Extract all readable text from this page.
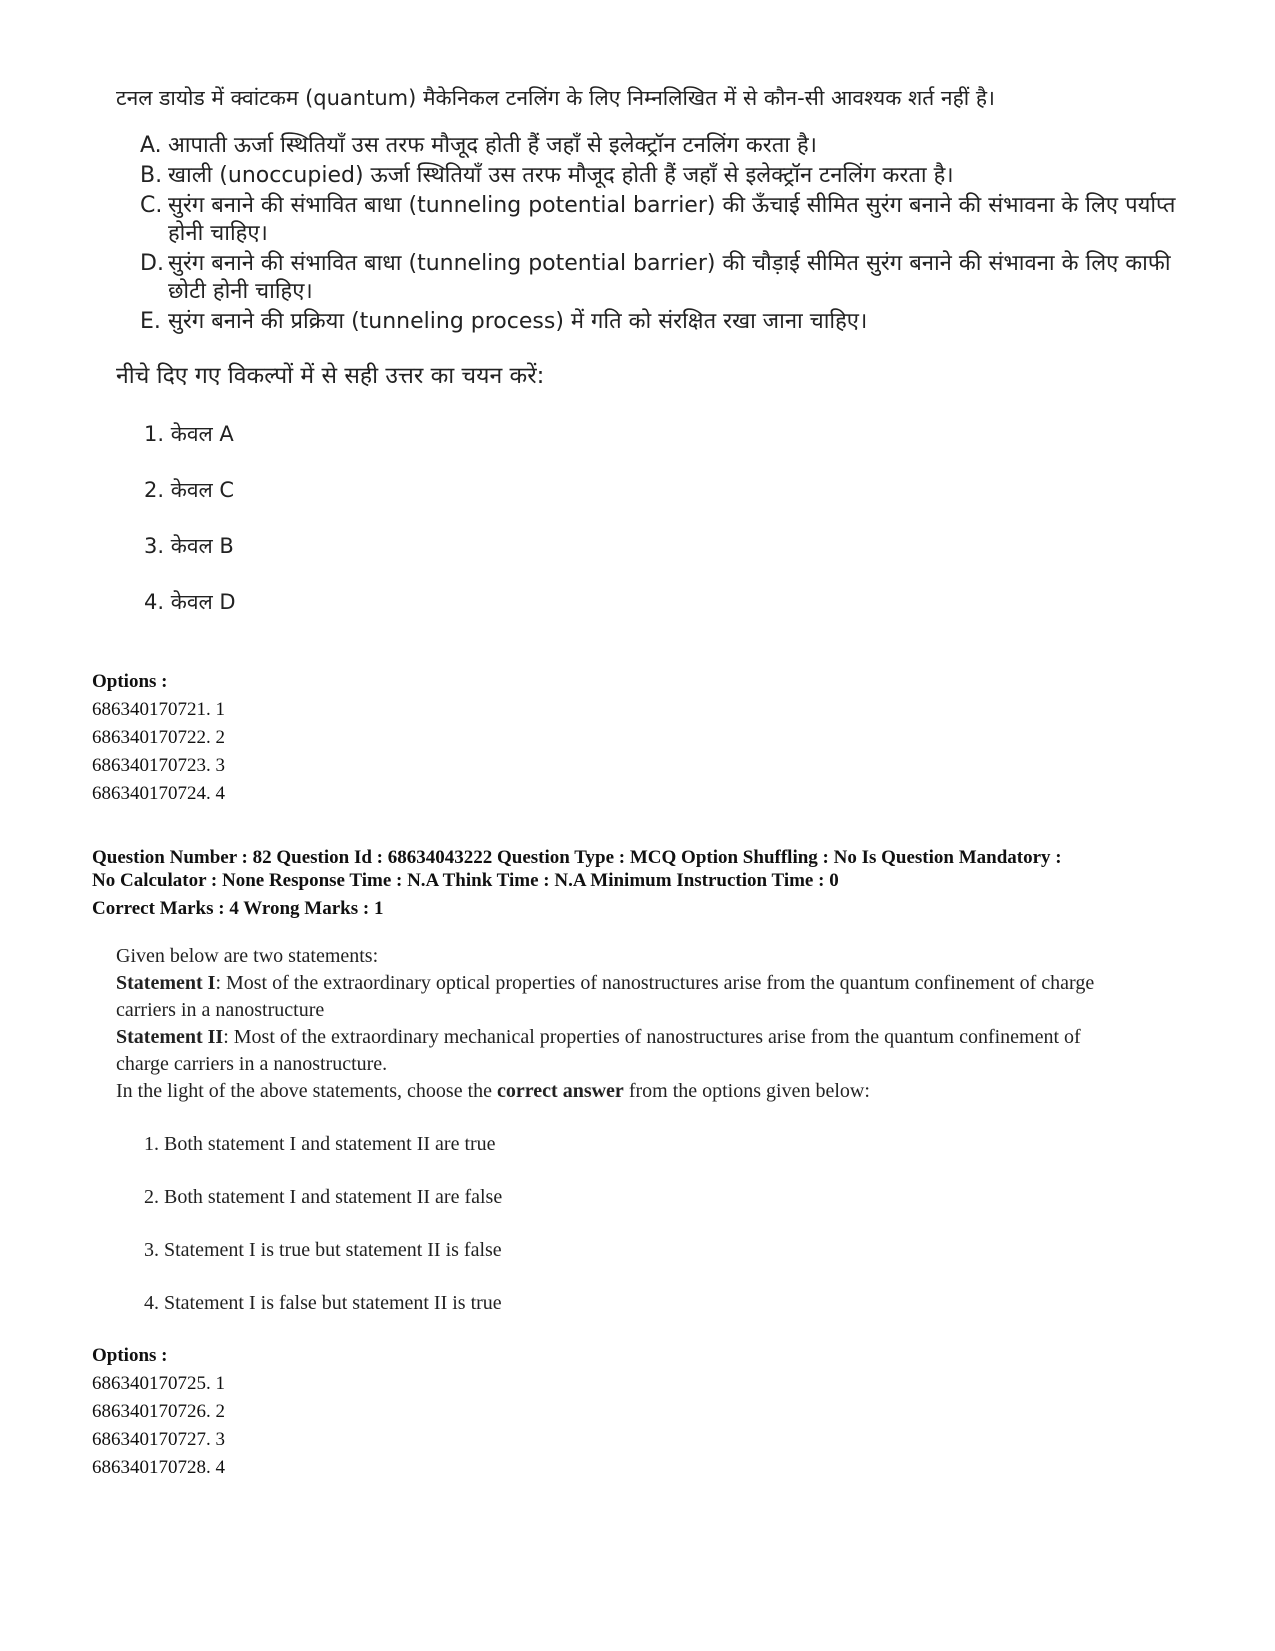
टनल डायोड में क्वांटकम (quantum) मैकेनिकल टनलिंग के लिए निम्नलिखित में से कौन-सी आवश्यक शर्त नहीं है।

A. आपाती ऊर्जा स्थितियाँ उस तरफ मौजूद होती हैं जहाँ से इलेक्ट्रॉन टनलिंग करता है।
B. खाली (unoccupied) ऊर्जा स्थितियाँ उस तरफ मौजूद होती हैं जहाँ से इलेक्ट्रॉन टनलिंग करता है।
C. सुरंग बनाने की संभावित बाधा (tunneling potential barrier) की ऊँचाई सीमित सुरंग बनाने की संभावना के लिए पर्याप्त होनी चाहिए।
D. सुरंग बनाने की संभावित बाधा (tunneling potential barrier) की चौड़ाई सीमित सुरंग बनाने की संभावना के लिए काफी छोटी होनी चाहिए।
E. सुरंग बनाने की प्रक्रिया (tunneling process) में गति को संरक्षित रखा जाना चाहिए।

नीचे दिए गए विकल्पों में से सही उत्तर का चयन करें:

1. केवल A
2. केवल C
3. केवल B
4. केवल D
Options :
686340170721. 1
686340170722. 2
686340170723. 3
686340170724. 4
Question Number : 82 Question Id : 68634043222 Question Type : MCQ Option Shuffling : No Is Question Mandatory :
No Calculator : None Response Time : N.A Think Time : N.A Minimum Instruction Time : 0
Correct Marks : 4 Wrong Marks : 1

Given below are two statements:

Statement I: Most of the extraordinary optical properties of nanostructures arise from the quantum confinement of charge carriers in a nanostructure

Statement II: Most of the extraordinary mechanical properties of nanostructures arise from the quantum confinement of charge carriers in a nanostructure.

In the light of the above statements, choose the correct answer from the options given below:

1. Both statement I and statement II are true
2. Both statement I and statement II are false
3. Statement I is true but statement II is false
4. Statement I is false but statement II is true
Options :
686340170725. 1
686340170726. 2
686340170727. 3
686340170728. 4
